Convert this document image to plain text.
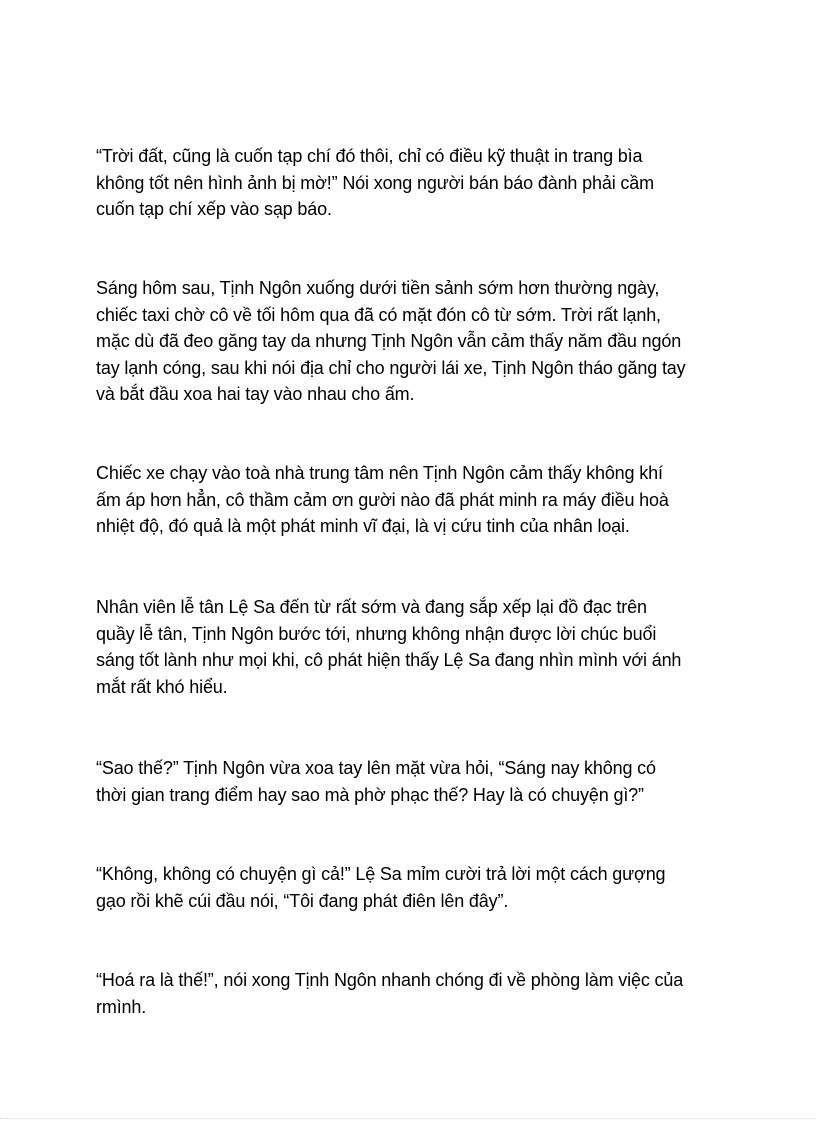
“Trời đất, cũng là cuốn tạp chí đó thôi, chỉ có điều kỹ thuật in trang bìa
không tốt nên hình ảnh bị mờ!” Nói xong người bán báo đành phải cầm
cuốn tạp chí xếp vào sạp báo.

Sáng hôm sau, Tịnh Ngôn xuống dưới tiền sảnh sớm hơn thường ngày,
chiếc taxi chờ cô về tối hôm qua đã có mặt đón cô từ sớm. Trời rất lạnh,
mặc dù đã đeo găng tay da nhưng Tịnh Ngôn vẫn cảm thấy năm đầu ngón
tay lạnh cóng, sau khi nói địa chỉ cho người lái xe, Tịnh Ngôn tháo găng tay
và bắt đầu xoa hai tay vào nhau cho ấm.

Chiếc xe chạy vào toà nhà trung tâm nên Tịnh Ngôn cảm thấy không khí
ấm áp hơn hẳn, cô thầm cảm ơn gười nào đã phát minh ra máy điều hoà
nhiệt độ, đó quả là một phát minh vĩ đại, là vị cứu tinh của nhân loại.

Nhân viên lễ tân Lệ Sa đến từ rất sớm và đang sắp xếp lại đồ đạc trên
quầy lễ tân, Tịnh Ngôn bước tới, nhưng không nhận được lời chúc buổi
sáng tốt lành như mọi khi, cô phát hiện thấy Lệ Sa đang nhìn mình với ánh
mắt rất khó hiểu.

“Sao thế?” Tịnh Ngôn vừa xoa tay lên mặt vừa hỏi, “Sáng nay không có
thời gian trang điểm hay sao mà phờ phạc thế? Hay là có chuyện gì?”

“Không, không có chuyện gì cả!” Lệ Sa mỉm cười trả lời một cách gượng
gạo rồi khẽ cúi đầu nói, “Tôi đang phát điên lên đây”.

“Hoá ra là thế!”, nói xong Tịnh Ngôn nhanh chóng đi về phòng làm việc của
rmình.
